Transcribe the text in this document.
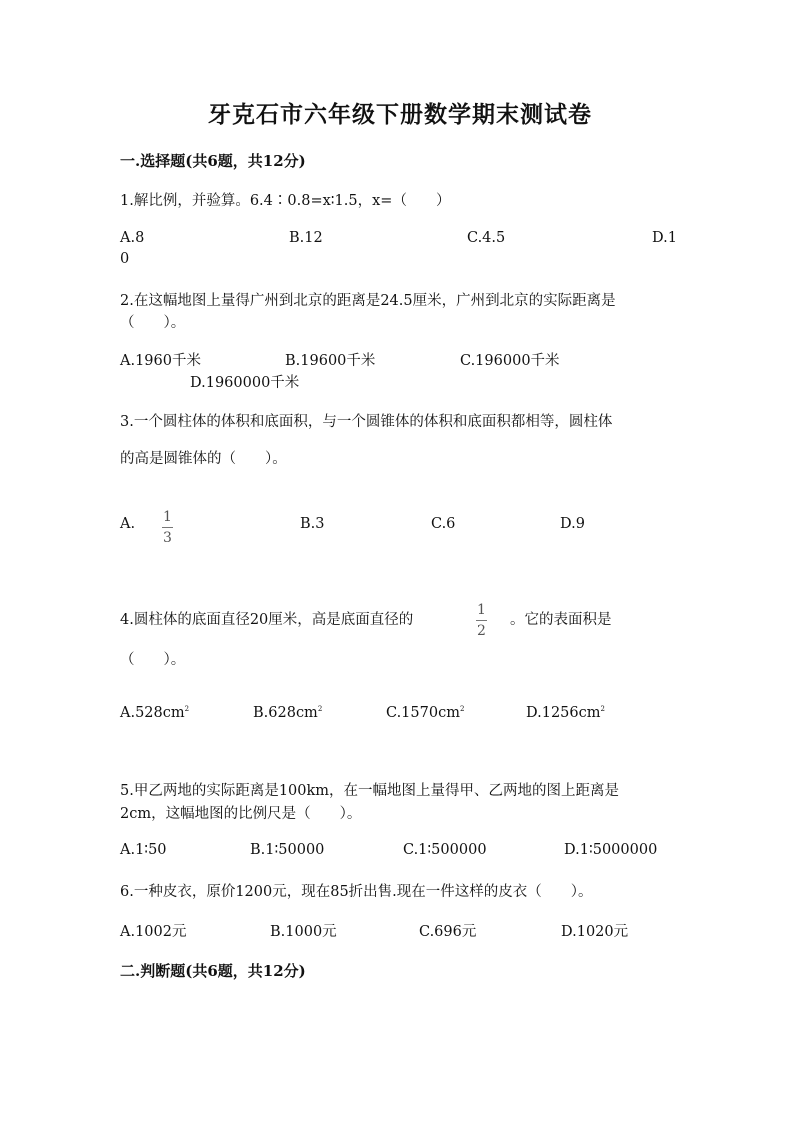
牙克石市六年级下册数学期末测试卷
一.选择题(共6题，共12分)
1.解比例，并验算。6.4∶0.8=x∶1.5，x=（　　）
A.8	B.12	C.4.5	D.1
0
2.在这幅地图上量得广州到北京的距离是24.5厘米，广州到北京的实际距离是
（　　）。
A.1960千米	B.19600千米	C.196000千米
D.1960000千米
3.一个圆柱体的体积和底面积，与一个圆锥体的体积和底面积都相等，圆柱体
的高是圆锥体的（　　）。
A. 1
3
B.3	C.6	D.9
4.圆柱体的底面直径20厘米，高是底面直径的
1
2
。它的表面积是
（　　）。
$A.528cm^2$	$B.628cm^2$	$C.1570cm^2$	$D.1256cm^2$
5.甲乙两地的实际距离是100km，在一幅地图上量得甲、乙两地的图上距离是
2cm，这幅地图的比例尺是（　　）。
A.1∶50	B.1∶50000	C.1∶500000	D.1∶5000000
6.一种皮衣，原价1200元，现在85折出售.现在一件这样的皮衣（　　）。
A.1002元	B.1000元	C.696元	D.1020元
二.判断题(共6题，共12分)
